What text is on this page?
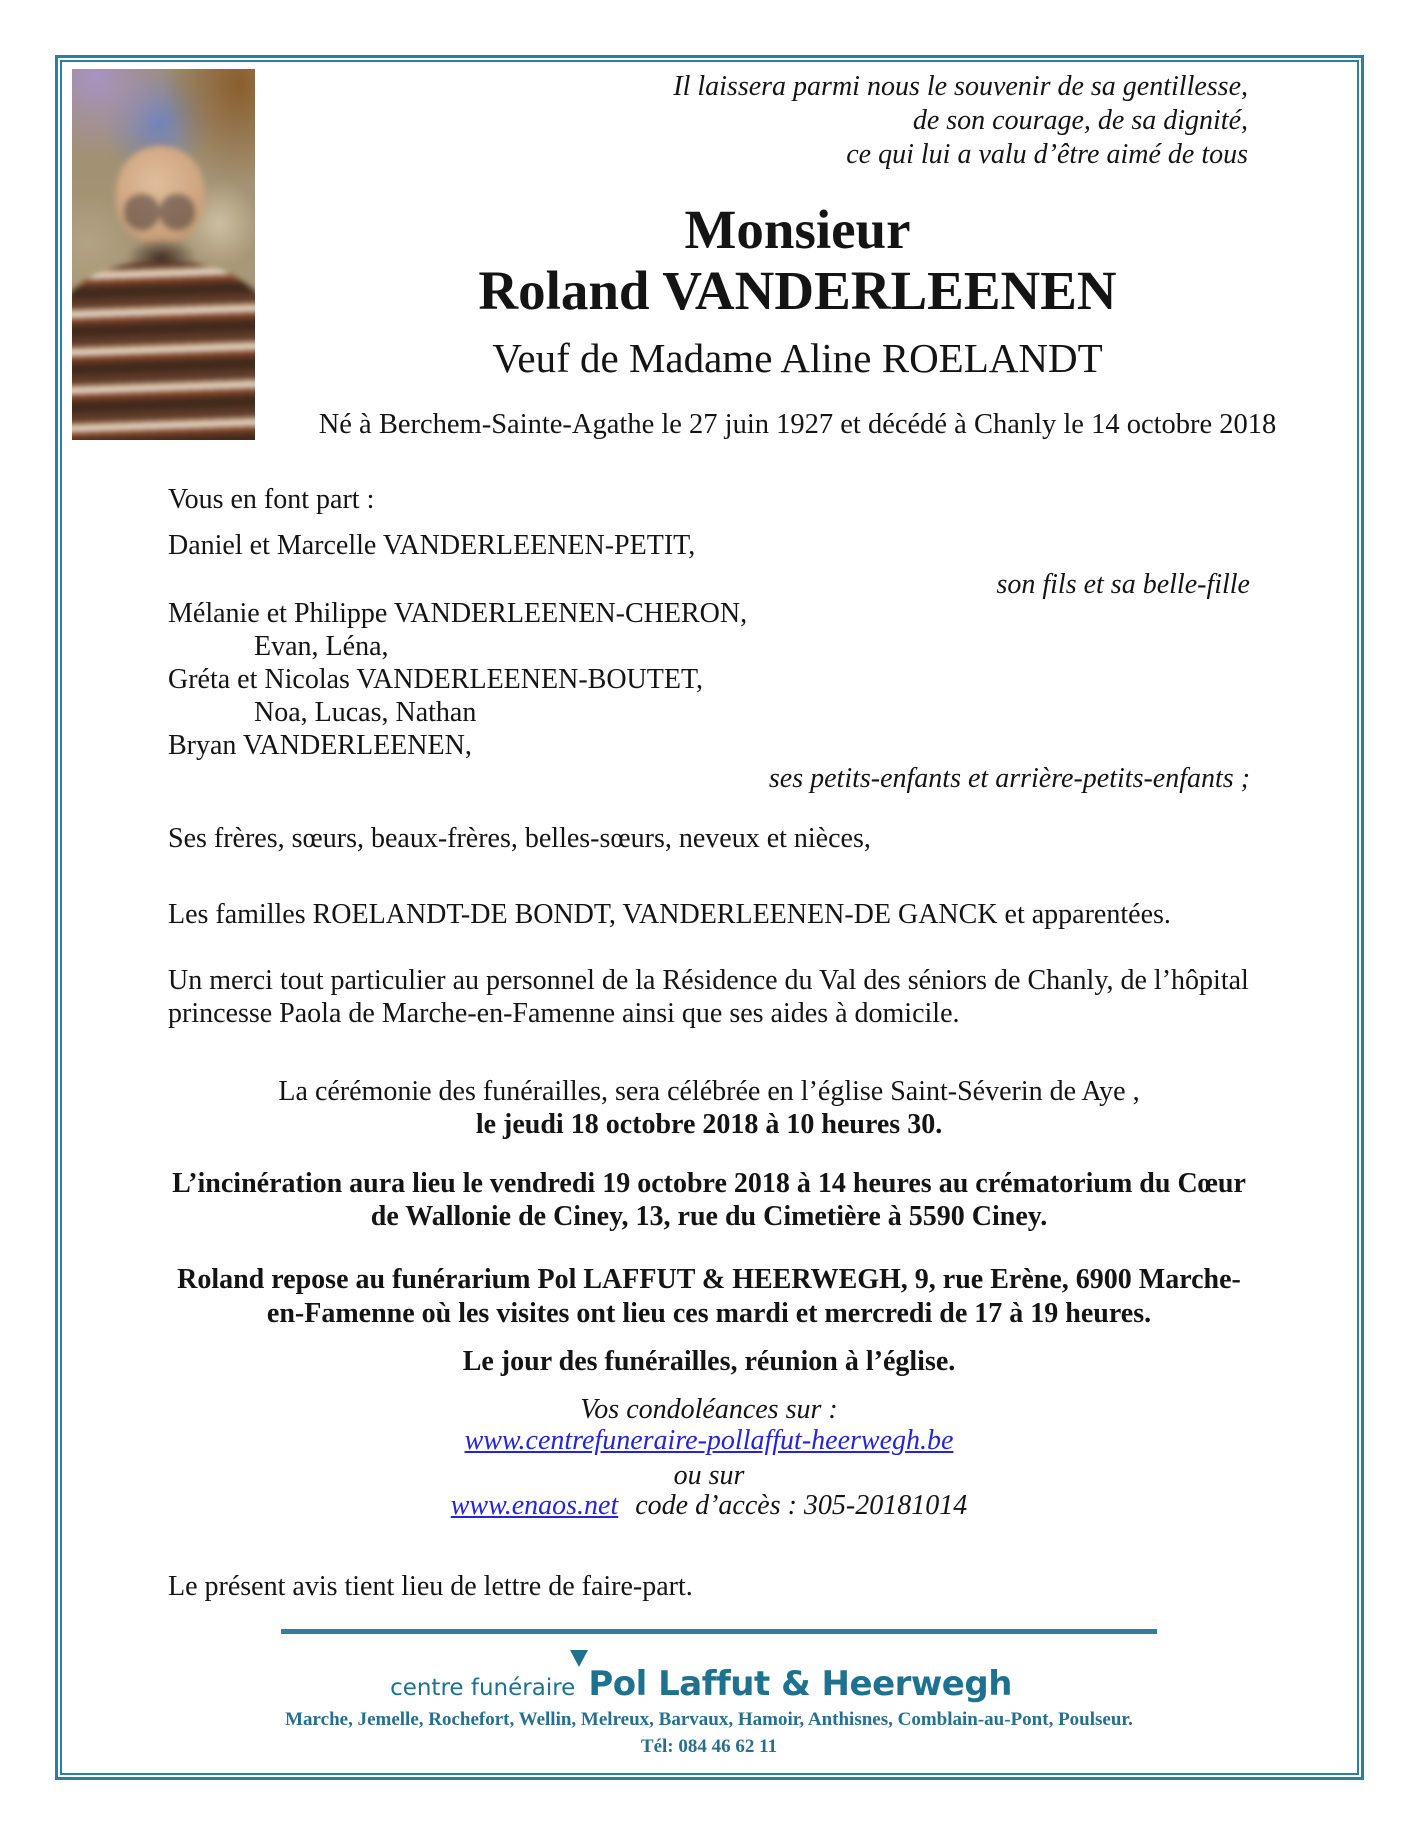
Il laissera parmi nous le souvenir de sa gentillesse,
de son courage, de sa dignité,
ce qui lui a valu d’être aimé de tous
Monsieur
Roland VANDERLEENEN
Veuf de Madame Aline ROELANDT
Né à Berchem-Sainte-Agathe le 27 juin 1927 et décédé à Chanly le 14 octobre 2018
Vous en font part :
Daniel et Marcelle VANDERLEENEN-PETIT,
son fils et sa belle-fille
Mélanie et Philippe VANDERLEENEN-CHERON,
Evan, Léna,
Gréta et Nicolas VANDERLEENEN-BOUTET,
Noa, Lucas, Nathan
Bryan VANDERLEENEN,
ses petits-enfants et arrière-petits-enfants ;
Ses frères, sœurs, beaux-frères, belles-sœurs, neveux et nièces,
Les familles ROELANDT-DE BONDT, VANDERLEENEN-DE GANCK et apparentées.
Un merci tout particulier au personnel de la Résidence du Val des séniors de Chanly, de l’hôpital
princesse Paola de Marche-en-Famenne ainsi que ses aides à domicile.
La cérémonie des funérailles, sera célébrée en l’église Saint-Séverin de Aye ,
le jeudi 18 octobre 2018 à 10 heures 30.
L’incinération aura lieu le vendredi 19 octobre 2018 à 14 heures au crématorium du Cœur
de Wallonie de Ciney, 13, rue du Cimetière à 5590 Ciney.
Roland repose au funérarium Pol LAFFUT & HEERWEGH, 9, rue Erène, 6900 Marche-
en-Famenne où les visites ont lieu ces mardi et mercredi de 17 à 19 heures.
Le jour des funérailles, réunion à l’église.
Vos condoléances sur :
www.centrefuneraire-pollaffut-heerwegh.be
ou sur
www.enaos.net code d’accès : 305-20181014
Le présent avis tient lieu de lettre de faire-part.
centre funéraire Pol Laffut & Heerwegh
Marche, Jemelle, Rochefort, Wellin, Melreux, Barvaux, Hamoir, Anthisnes, Comblain-au-Pont, Poulseur.
Tél: 084 46 62 11
